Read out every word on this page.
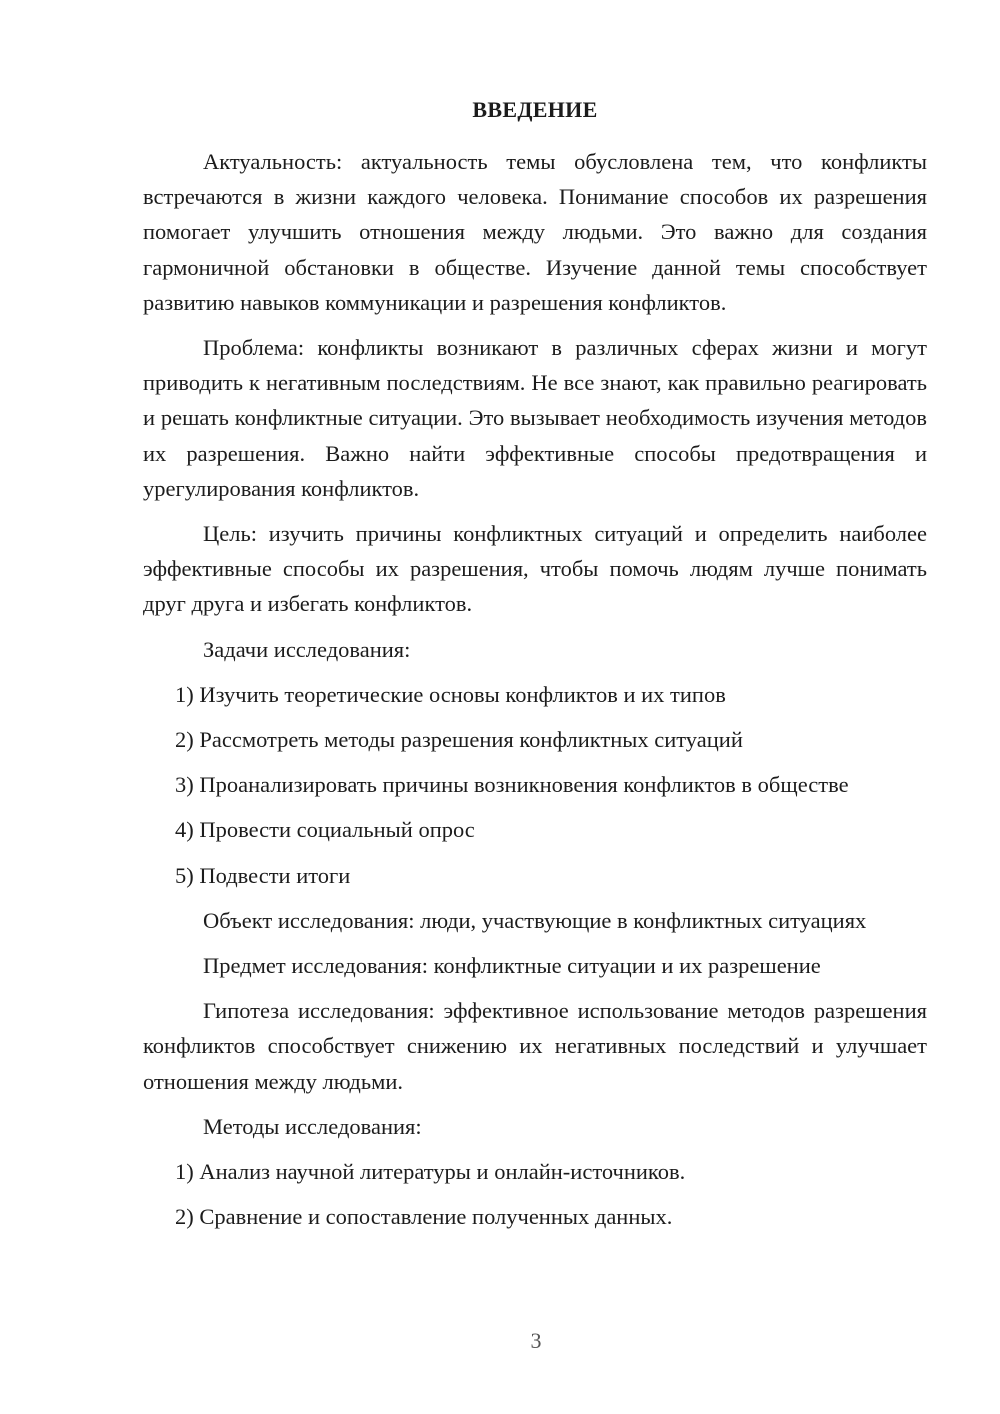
ВВЕДЕНИЕ

Актуальность: актуальность темы обусловлена тем, что конфликты встречаются в жизни каждого человека. Понимание способов их разрешения помогает улучшить отношения между людьми. Это важно для создания гармоничной обстановки в обществе. Изучение данной темы способствует развитию навыков коммуникации и разрешения конфликтов.

Проблема: конфликты возникают в различных сферах жизни и могут приводить к негативным последствиям. Не все знают, как правильно реагировать и решать конфликтные ситуации. Это вызывает необходимость изучения методов их разрешения. Важно найти эффективные способы предотвращения и урегулирования конфликтов.

Цель: изучить причины конфликтных ситуаций и определить наиболее эффективные способы их разрешения, чтобы помочь людям лучше понимать друг друга и избегать конфликтов.

Задачи исследования:

1) Изучить теоретические основы конфликтов и их типов
2) Рассмотреть методы разрешения конфликтных ситуаций
3) Проанализировать причины возникновения конфликтов в обществе
4) Провести социальный опрос
5) Подвести итоги

Объект исследования: люди, участвующие в конфликтных ситуациях

Предмет исследования: конфликтные ситуации и их разрешение

Гипотеза исследования: эффективное использование методов разрешения конфликтов способствует снижению их негативных последствий и улучшает отношения между людьми.

Методы исследования:

1) Анализ научной литературы и онлайн-источников.
2) Сравнение и сопоставление полученных данных.
3
